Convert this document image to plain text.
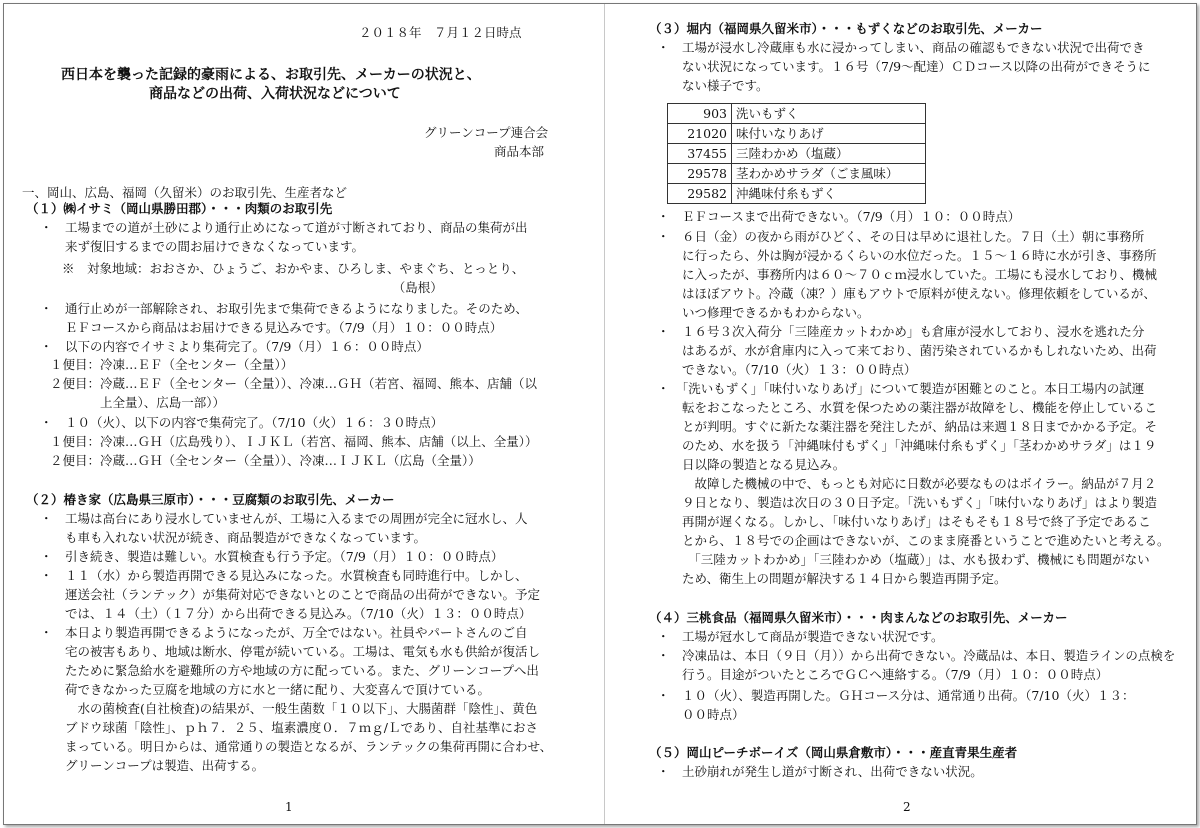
２０１８年　７月１２日時点
西日本を襲った記録的豪雨による、お取引先、メーカーの状況と、
商品などの出荷、入荷状況などについて
グリーンコープ連合会
商品本部
一、岡山、広島、福岡（久留米）のお取引先、生産者など
（１）㈱イサミ（岡山県勝田郡）・・・肉類のお取引先
・　工場までの道が土砂により通行止めになって道が寸断されており、商品の集荷が出
　　来ず復旧するまでの間お届けできなくなっています。
※　対象地域：おおさか、ひょうご、おかやま、ひろしま、やまぐち、とっとり、
　　（島根）
・　通行止めが一部解除され、お取引先まで集荷できるようになりました。そのため、
　　ＥＦコースから商品はお届けできる見込みです。（7/9（月）１０：００時点）
・　以下の内容でイサミより集荷完了。（7/9（月）１６：００時点）
１便目：冷凍…ＥＦ（全センター（全量））
２便目：冷蔵…ＥＦ（全センター（全量））、冷凍…ＧＨ（若宮、福岡、熊本、店舗（以
　　　　上全量）、広島一部））
・　１０（火）、以下の内容で集荷完了。（7/10（火）１６：３０時点）
１便目：冷凍…ＧＨ（広島残り）、ＩＪＫＬ（若宮、福岡、熊本、店舗（以上、全量））
２便目：冷蔵…ＧＨ（全センター（全量））、冷凍…ＩＪＫＬ（広島（全量））
（２）椿き家（広島県三原市）・・・豆腐類のお取引先、メーカー
・　工場は高台にあり浸水していませんが、工場に入るまでの周囲が完全に冠水し、人
　　も車も入れない状況が続き、商品製造ができなくなっています。
・　引き続き、製造は難しい。水質検査も行う予定。（7/9（月）１０：００時点）
・　１１（水）から製造再開できる見込みになった。水質検査も同時進行中。しかし、
　　運送会社（ランテック）が集荷対応できないとのことで商品の出荷ができない。予定
　　では、１４（土）（１７分）から出荷できる見込み。（7/10（火）１３：００時点）
・　本日より製造再開できるようになったが、万全ではない。社員やパートさんのご自
　　宅の被害もあり、地域は断水、停電が続いている。工場は、電気も水も供給が復活し
　　たために緊急給水を避難所の方や地域の方に配っている。また、グリーンコープへ出
　　荷できなかった豆腐を地域の方に水と一緒に配り、大変喜んで頂けている。
　　　水の菌検査(自社検査)の結果が、一般生菌数「１０以下」、大腸菌群「陰性」、黄色
　　ブドウ球菌「陰性」、ｐｈ７．２５、塩素濃度０．７ｍｇ/Ｌであり、自社基準におさ
　　まっている。明日からは、通常通りの製造となるが、ランテックの集荷再開に合わせ、
　　グリーンコープは製造、出荷する。
1
（３）堀内（福岡県久留米市）・・・もずくなどのお取引先、メーカー
・　工場が浸水し冷蔵庫も水に浸かってしまい、商品の確認もできない状況で出荷でき
　　ない状況になっています。１６号（7/9～配達）ＣＤコース以降の出荷ができそうに
　　ない様子です。
903	洗いもずく
21020	味付いなりあげ
37455	三陸わかめ（塩蔵）
29578	茎わかめサラダ（ごま風味）
29582	沖縄味付糸もずく
・　ＥＦコースまで出荷できない。（7/9（月）１０：００時点）
・　６日（金）の夜から雨がひどく、その日は早めに退社した。７日（土）朝に事務所
　　に行ったら、外は胸が浸かるくらいの水位だった。１５～１６時に水が引き、事務所
　　に入ったが、事務所内は６０～７０ｃｍ浸水していた。工場にも浸水しており、機械
　　はほぼアウト。冷蔵（凍？）庫もアウトで原料が使えない。修理依頼をしているが、
　　いつ修理できるかもわからない。
・　１６号３次入荷分「三陸産カットわかめ」も倉庫が浸水しており、浸水を逃れた分
　　はあるが、水が倉庫内に入って来ており、菌汚染されているかもしれないため、出荷
　　できない。（7/10（火）１３：００時点）
・　「洗いもずく」「味付いなりあげ」について製造が困難とのこと。本日工場内の試運
　　転をおこなったところ、水質を保つための薬注器が故障をし、機能を停止しているこ
　　とが判明。すぐに新たな薬注器を発注したが、納品は来週１８日までかかる予定。そ
　　のため、水を扱う「沖縄味付もずく」「沖縄味付糸もずく」「茎わかめサラダ」は１９
　　日以降の製造となる見込み。
　　　故障した機械の中で、もっとも対応に日数が必要なものはボイラー。納品が７月２
　　９日となり、製造は次日の３０日予定。「洗いもずく」「味付いなりあげ」はより製造
　　再開が遅くなる。しかし、「味付いなりあげ」はそもそも１８号で終了予定であるこ
　　とから、１８号での企画はできないが、このまま廃番ということで進めたいと考える。
　　　「三陸カットわかめ」「三陸わかめ（塩蔵）」は、水も扱わず、機械にも問題がない
　　ため、衛生上の問題が解決する１４日から製造再開予定。
（４）三桃食品（福岡県久留米市）・・・肉まんなどのお取引先、メーカー
・　工場が冠水して商品が製造できない状況です。
・　冷凍品は、本日（９日（月））から出荷できない。冷蔵品は、本日、製造ラインの点検を
　　行う。目途がついたところでＧＣへ連絡する。（7/9（月）１０：００時点）
・　１０（火）、製造再開した。ＧＨコース分は、通常通り出荷。（7/10（火）１３：
　　００時点）
（５）岡山ピーチボーイズ（岡山県倉敷市）・・・産直青果生産者
・　土砂崩れが発生し道が寸断され、出荷できない状況。
2
